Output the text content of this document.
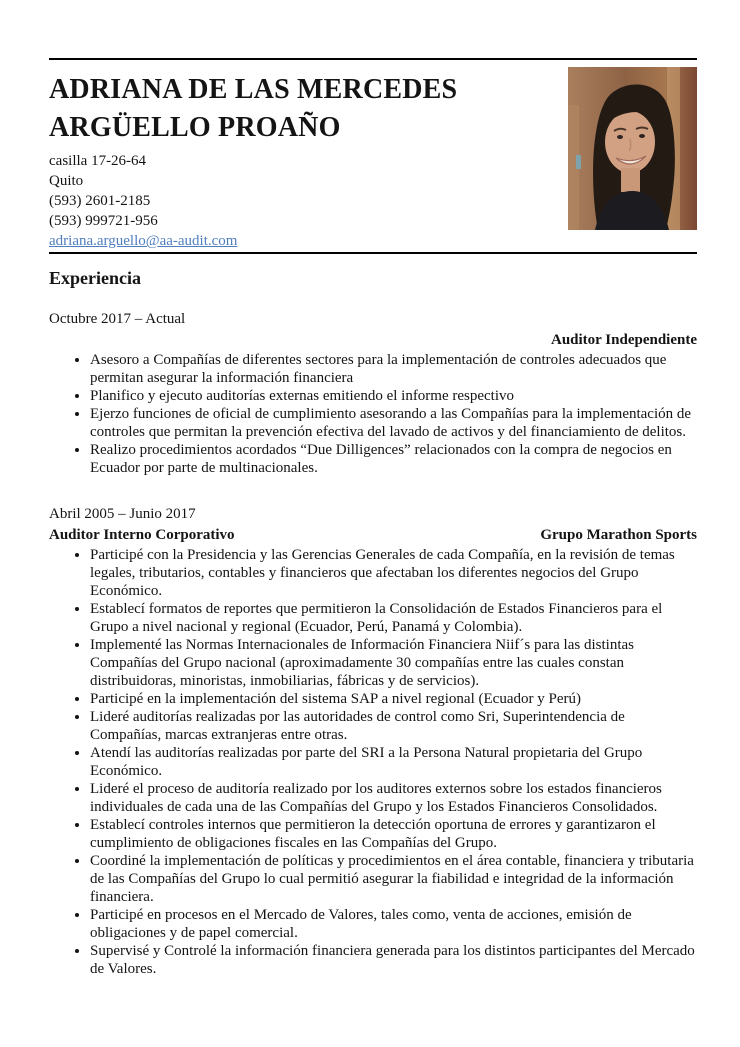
ADRIANA DE LAS MERCEDES
ARGÜELLO PROAÑO
casilla 17-26-64
Quito
(593) 2601-2185
(593) 999721-956
adriana.arguello@aa-audit.com
Experiencia
Octubre 2017 – Actual
Auditor Independiente
• Asesoro a Compañías de diferentes sectores para la implementación de controles adecuados que permitan asegurar la información financiera
• Planifico y ejecuto auditorías externas emitiendo el informe respectivo
• Ejerzo funciones de oficial de cumplimiento asesorando a las Compañías para la implementación de controles que permitan la prevención efectiva del lavado de activos y del financiamiento de delitos.
• Realizo procedimientos acordados “Due Dilligences” relacionados con la compra de negocios en Ecuador por parte de multinacionales.
Abril 2005 – Junio 2017
Auditor Interno Corporativo	Grupo Marathon Sports
• Participé con la Presidencia y las Gerencias Generales de cada Compañía, en la revisión de temas legales, tributarios, contables y financieros que afectaban los diferentes negocios del Grupo Económico.
• Establecí formatos de reportes que permitieron la Consolidación de Estados Financieros para el Grupo a nivel nacional y regional (Ecuador, Perú, Panamá y Colombia).
• Implementé las Normas Internacionales de Información Financiera Niif´s para las distintas Compañías del Grupo nacional (aproximadamente 30 compañías entre las cuales constan distribuidoras, minoristas, inmobiliarias, fábricas y de servicios).
• Participé en la implementación del sistema SAP a nivel regional (Ecuador y Perú)
• Lideré auditorías realizadas por las autoridades de control como Sri, Superintendencia de Compañías, marcas extranjeras entre otras.
• Atendí las auditorías realizadas por parte del SRI a la Persona Natural propietaria del Grupo Económico.
• Lideré el proceso de auditoría realizado por los auditores externos sobre los estados financieros individuales de cada una de las Compañías del Grupo y los Estados Financieros Consolidados.
• Establecí controles internos que permitieron la detección oportuna de errores y garantizaron el cumplimiento de obligaciones fiscales en las Compañías del Grupo.
• Coordiné la implementación de políticas y procedimientos en el área contable, financiera y tributaria de las Compañías del Grupo lo cual permitió asegurar la fiabilidad e integridad de la información financiera.
• Participé en procesos en el Mercado de Valores, tales como, venta de acciones, emisión de obligaciones y de papel comercial.
• Supervisé y Controlé la información financiera generada para los distintos participantes del Mercado de Valores.
